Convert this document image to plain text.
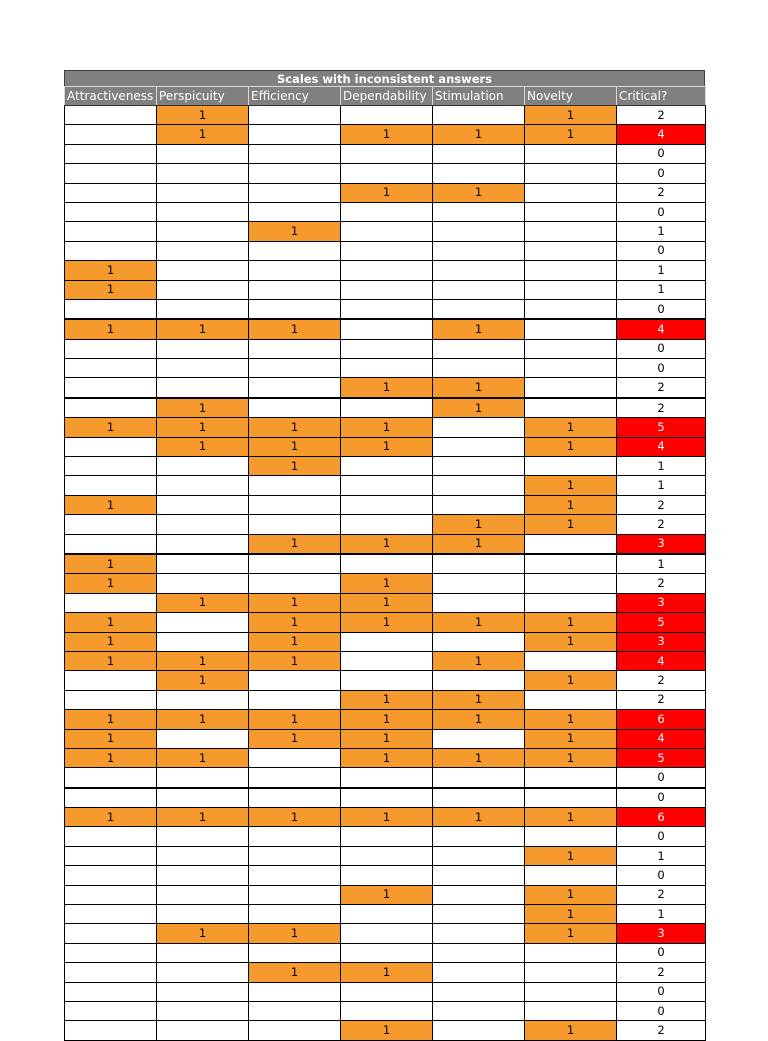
Scales with inconsistent answers
Attractiveness	Perspicuity	Efficiency	Dependability	Stimulation	Novelty	Critical?
	1				1	2
	1		1	1	1	4
						0
						0
			1	1		2
						0
		1				1
						0
1						1
1						1
						0
1	1	1		1		4
						0
						0
			1	1		2
	1			1		2
1	1	1	1		1	5
	1	1	1		1	4
		1				1
					1	1
1					1	2
				1	1	2
		1	1	1		3
1						1
1			1			2
	1	1	1			3
1		1	1	1	1	5
1		1			1	3
1	1	1		1		4
	1				1	2
			1	1		2
1	1	1	1	1	1	6
1		1	1		1	4
1	1		1	1	1	5
						0
						0
1	1	1	1	1	1	6
						0
					1	1
						0
			1		1	2
					1	1
	1	1			1	3
						0
		1	1			2
						0
						0
			1		1	2
